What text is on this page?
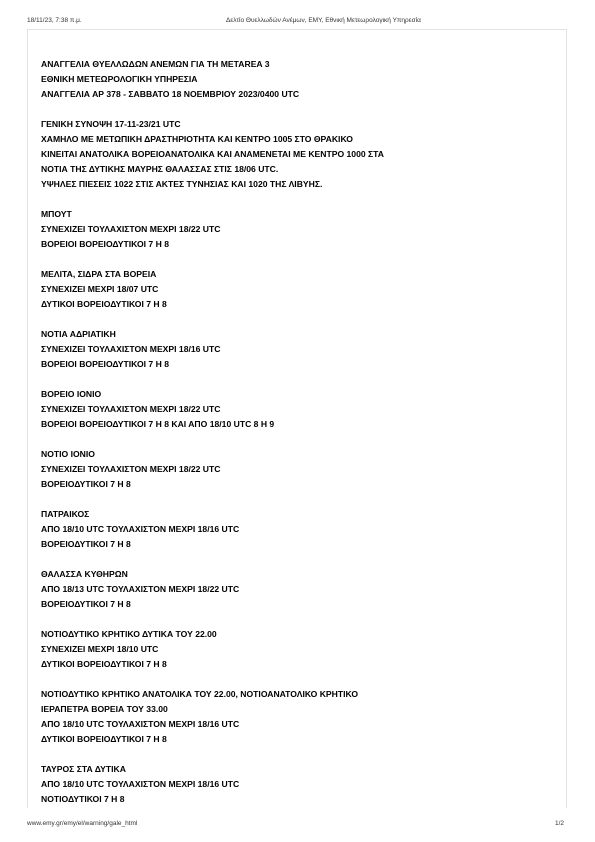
18/11/23, 7:38 π.μ.	Δελτίο Θυελλωδών Ανέμων, ΕΜΥ, Εθνική Μετεωρολογική Υπηρεσία
ΑΝΑΓΓΕΛΙΑ ΘΥΕΛΛΩΔΩΝ ΑΝΕΜΩΝ ΓΙΑ ΤΗ METAREA 3
ΕΘΝΙΚΗ ΜΕΤΕΩΡΟΛΟΓΙΚΗ ΥΠΗΡΕΣΙΑ
ΑΝΑΓΓΕΛΙΑ ΑΡ 378 - ΣΑΒΒΑΤΟ 18 ΝΟΕΜΒΡΙΟΥ 2023/0400 UTC
ΓΕΝΙΚΗ ΣΥΝΟΨΗ 17-11-23/21 UTC
ΧΑΜΗΛΟ ΜΕ ΜΕΤΩΠΙΚΗ ΔΡΑΣΤΗΡΙΟΤΗΤΑ ΚΑΙ ΚΕΝΤΡΟ 1005 ΣΤΟ ΘΡΑΚΙΚΟ
ΚΙΝΕΙΤΑΙ ΑΝΑΤΟΛΙΚΑ ΒΟΡΕΙΟΑΝΑΤΟΛΙΚΑ ΚΑΙ ΑΝΑΜΕΝΕΤΑΙ ΜΕ ΚΕΝΤΡΟ 1000 ΣΤΑ
ΝΟΤΙΑ ΤΗΣ ΔΥΤΙΚΗΣ ΜΑΥΡΗΣ ΘΑΛΑΣΣΑΣ ΣΤΙΣ 18/06 UTC.
ΥΨΗΛΕΣ ΠΙΕΣΕΙΣ 1022 ΣΤΙΣ ΑΚΤΕΣ ΤΥΝΗΣΙΑΣ ΚΑΙ 1020 ΤΗΣ ΛΙΒΥΗΣ.
ΜΠΟΥΤ
ΣΥΝΕΧΙΖΕΙ ΤΟΥΛΑΧΙΣΤΟΝ ΜΕΧΡΙ 18/22 UTC
ΒΟΡΕΙΟΙ ΒΟΡΕΙΟΔΥΤΙΚΟΙ 7 Η 8
ΜΕΛΙΤΑ, ΣΙΔΡΑ ΣΤΑ ΒΟΡΕΙΑ
ΣΥΝΕΧΙΖΕΙ ΜΕΧΡΙ 18/07 UTC
ΔΥΤΙΚΟΙ ΒΟΡΕΙΟΔΥΤΙΚΟΙ 7 Η 8
ΝΟΤΙΑ ΑΔΡΙΑΤΙΚΗ
ΣΥΝΕΧΙΖΕΙ ΤΟΥΛΑΧΙΣΤΟΝ ΜΕΧΡΙ 18/16 UTC
ΒΟΡΕΙΟΙ ΒΟΡΕΙΟΔΥΤΙΚΟΙ 7 Η 8
ΒΟΡΕΙΟ ΙΟΝΙΟ
ΣΥΝΕΧΙΖΕΙ ΤΟΥΛΑΧΙΣΤΟΝ ΜΕΧΡΙ 18/22 UTC
ΒΟΡΕΙΟΙ ΒΟΡΕΙΟΔΥΤΙΚΟΙ 7 Η 8 ΚΑΙ ΑΠΟ 18/10 UTC 8 Η 9
ΝΟΤΙΟ ΙΟΝΙΟ
ΣΥΝΕΧΙΖΕΙ ΤΟΥΛΑΧΙΣΤΟΝ ΜΕΧΡΙ 18/22 UTC
ΒΟΡΕΙΟΔΥΤΙΚΟΙ 7 Η 8
ΠΑΤΡΑΙΚΟΣ
ΑΠΟ 18/10 UTC ΤΟΥΛΑΧΙΣΤΟΝ ΜΕΧΡΙ 18/16 UTC
ΒΟΡΕΙΟΔΥΤΙΚΟΙ 7 Η 8
ΘΑΛΑΣΣΑ ΚΥΘΗΡΩΝ
ΑΠΟ 18/13 UTC ΤΟΥΛΑΧΙΣΤΟΝ ΜΕΧΡΙ 18/22 UTC
ΒΟΡΕΙΟΔΥΤΙΚΟΙ 7 Η 8
ΝΟΤΙΟΔΥΤΙΚΟ ΚΡΗΤΙΚΟ ΔΥΤΙΚΑ ΤΟΥ 22.00
ΣΥΝΕΧΙΖΕΙ ΜΕΧΡΙ 18/10 UTC
ΔΥΤΙΚΟΙ ΒΟΡΕΙΟΔΥΤΙΚΟΙ 7 Η 8
ΝΟΤΙΟΔΥΤΙΚΟ ΚΡΗΤΙΚΟ ΑΝΑΤΟΛΙΚΑ ΤΟΥ 22.00, ΝΟΤΙΟΑΝΑΤΟΛΙΚΟ ΚΡΗΤΙΚΟ
ΙΕΡΑΠΕΤΡΑ ΒΟΡΕΙΑ ΤΟΥ 33.00
ΑΠΟ 18/10 UTC ΤΟΥΛΑΧΙΣΤΟΝ ΜΕΧΡΙ 18/16 UTC
ΔΥΤΙΚΟΙ ΒΟΡΕΙΟΔΥΤΙΚΟΙ 7 Η 8
ΤΑΥΡΟΣ ΣΤΑ ΔΥΤΙΚΑ
ΑΠΟ 18/10 UTC ΤΟΥΛΑΧΙΣΤΟΝ ΜΕΧΡΙ 18/16 UTC
ΝΟΤΙΟΔΥΤΙΚΟΙ 7 Η 8
www.emy.gr/emy/el/warning/gale_html	1/2
